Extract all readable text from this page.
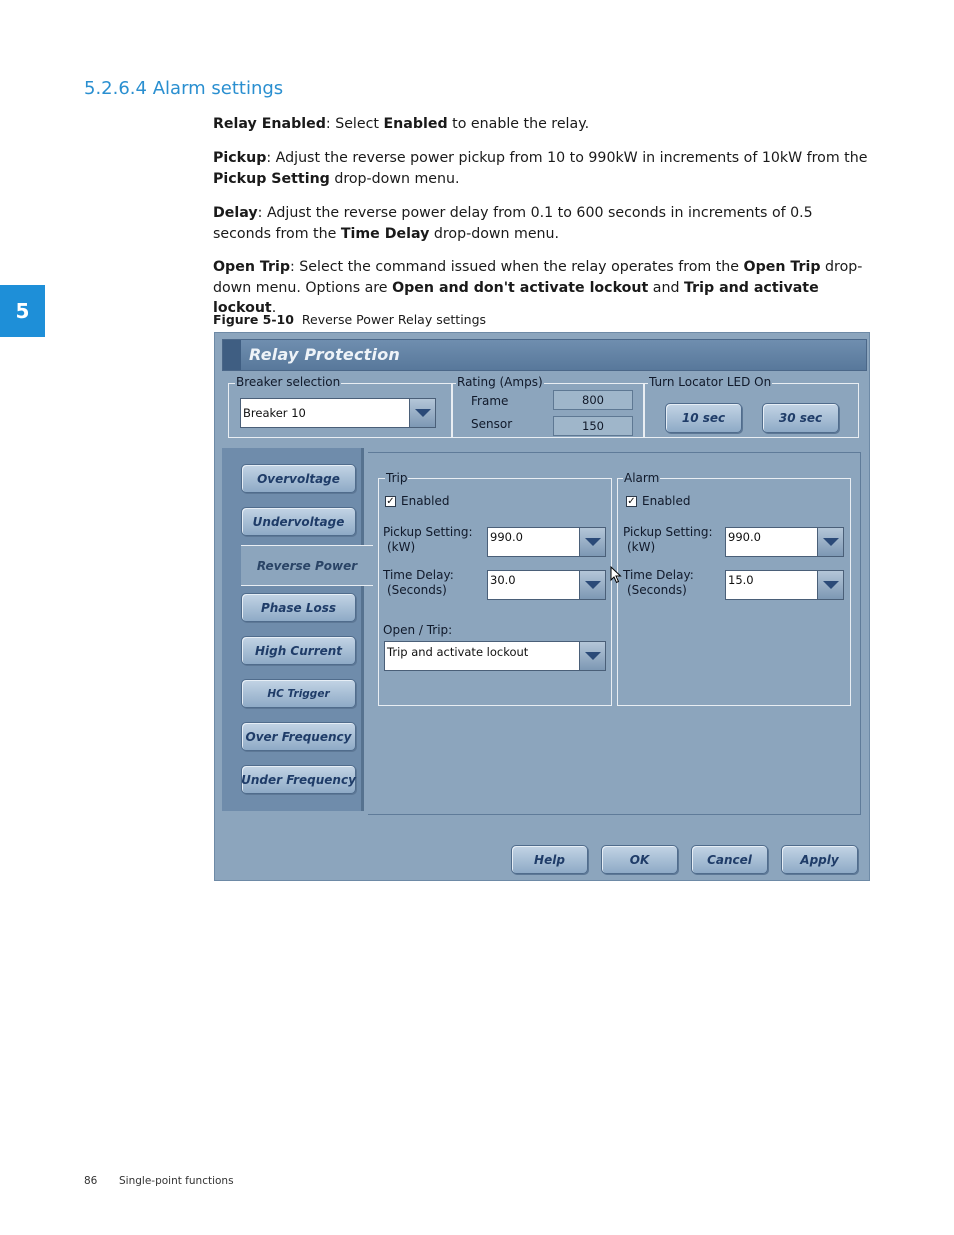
5.2.6.4 Alarm settings

Relay Enabled: Select Enabled to enable the relay.

Pickup: Adjust the reverse power pickup from 10 to 990kW in increments of 10kW from the Pickup Setting drop-down menu.

Delay: Adjust the reverse power delay from 0.1 to 600 seconds in increments of 0.5 seconds from the Time Delay drop-down menu.

Open Trip: Select the command issued when the relay operates from the Open Trip drop-down menu. Options are Open and don't activate lockout and Trip and activate lockout.

5	Figure 5-10 Reverse Power Relay settings
Relay Protection
Breaker selection
Breaker 10
Rating (Amps)
Frame	800
Sensor	150
Turn Locator LED On
10 sec	30 sec
Overvoltage
Undervoltage
Reverse Power
Phase Loss
High Current
HC Trigger
Over Frequency
Under Frequency
Trip
✓ Enabled
Pickup Setting:
(kW)
990.0
Time Delay:
(Seconds)
30.0
Open / Trip:
Trip and activate lockout
Alarm
✓ Enabled
Pickup Setting:
(kW)
990.0
Time Delay:
(Seconds)
15.0
Help	OK	Cancel	Apply
86 Single-point functions
